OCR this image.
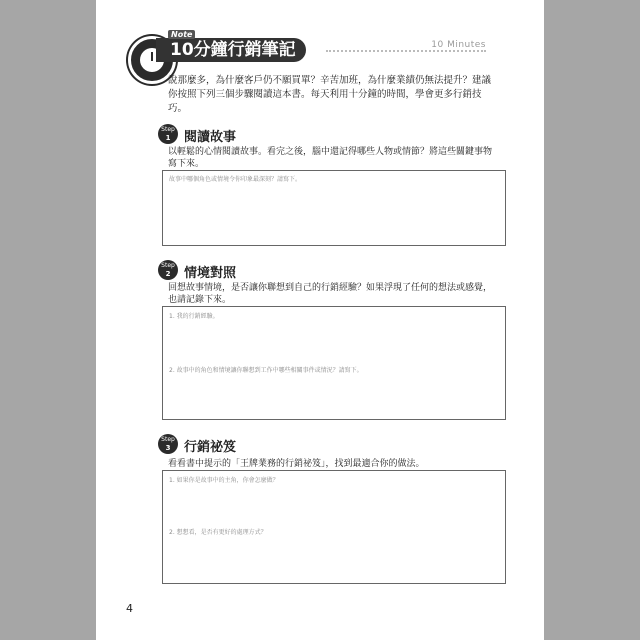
10分鐘行銷筆記
Note
10 Minutes
說那麼多，為什麼客戶仍不願買單？辛苦加班，為什麼業績仍無法提升？建議你按照下列三個步驟閱讀這本書。每天利用十分鐘的時間，學會更多行銷技巧。
Step
1	閱讀故事
以輕鬆的心情閱讀故事。看完之後，腦中還記得哪些人物或情節？將這些關鍵事物寫下來。
故事中哪個角色或情境令你印象最深刻？請寫下。
Step
2	情境對照
回想故事情境，是否讓你聯想到自己的行銷經驗？如果浮現了任何的想法或感覺，也請記錄下來。
1. 我的行銷經驗。
2. 故事中的角色和情境讓你聯想到工作中哪些相關事件或情況？請寫下。
Step
3	行銷祕笈
看看書中提示的「王牌業務的行銷祕笈」，找到最適合你的做法。
1. 如果你是故事中的主角，你會怎麼做？
2. 想想看，是否有更好的處理方式？
4
